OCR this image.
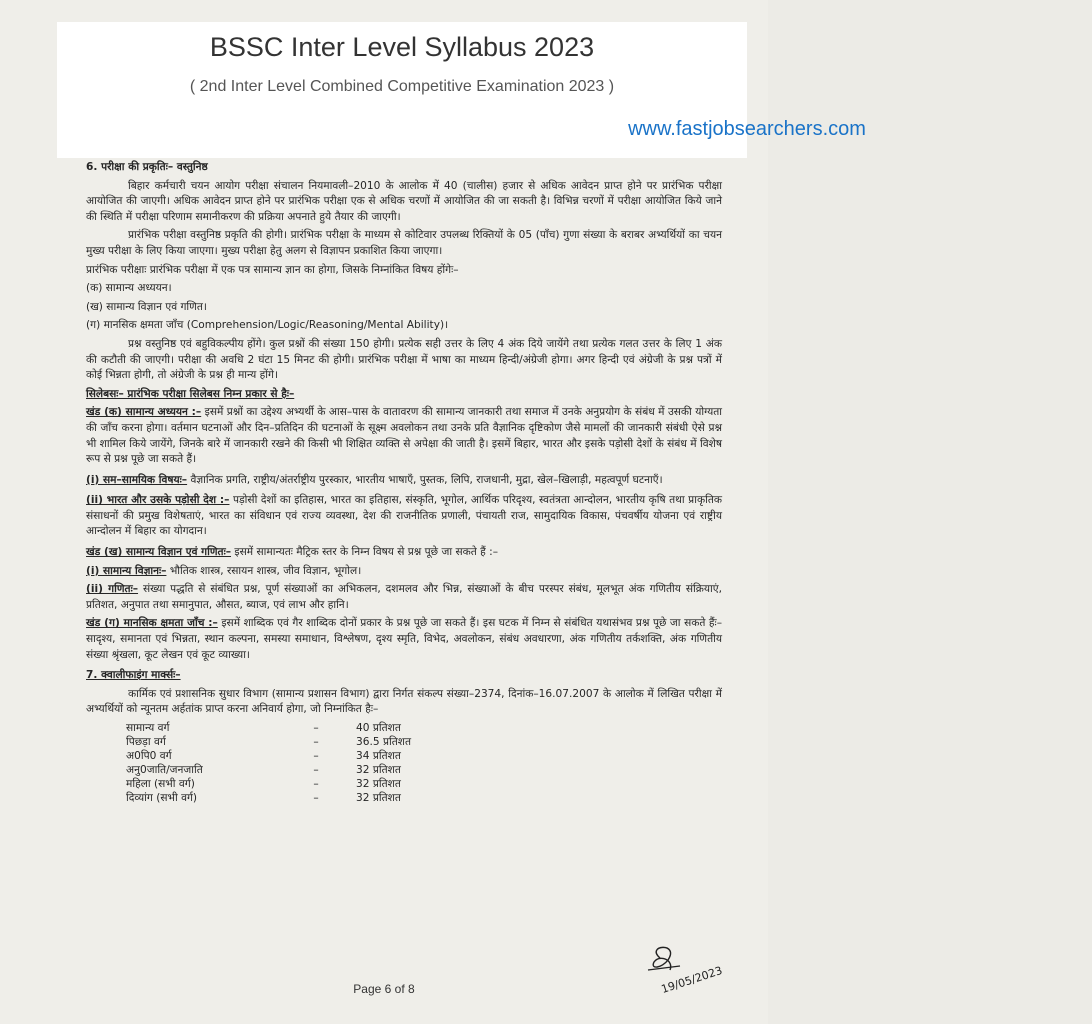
BSSC Inter Level Syllabus 2023
( 2nd Inter Level Combined Competitive Examination 2023 )
www.fastjobsearchers.com

6. परीक्षा की प्रकृतिः– वस्तुनिष्ठ

बिहार कर्मचारी चयन आयोग परीक्षा संचालन नियमावली–2010 के आलोक में 40 (चालीस) हजार से अधिक आवेदन प्राप्त होने पर प्रारंभिक परीक्षा आयोजित की जाएगी। अधिक आवेदन प्राप्त होने पर प्रारंभिक परीक्षा एक से अधिक चरणों में आयोजित की जा सकती है। विभिन्न चरणों में परीक्षा आयोजित किये जाने की स्थिति में परीक्षा परिणाम समानीकरण की प्रक्रिया अपनाते हुये तैयार की जाएगी।

प्रारंभिक परीक्षा वस्तुनिष्ठ प्रकृति की होगी। प्रारंभिक परीक्षा के माध्यम से कोटिवार उपलब्ध रिक्तियों के 05 (पाँच) गुणा संख्या के बराबर अभ्यर्थियों का चयन मुख्य परीक्षा के लिए किया जाएगा। मुख्य परीक्षा हेतु अलग से विज्ञापन प्रकाशित किया जाएगा।

प्रारंभिक परीक्षाः प्रारंभिक परीक्षा में एक पत्र सामान्य ज्ञान का होगा, जिसके निम्नांकित विषय होंगेः–

(क) सामान्य अध्ययन।

(ख) सामान्य विज्ञान एवं गणित।

(ग) मानसिक क्षमता जाँच (Comprehension/Logic/Reasoning/Mental Ability)।

प्रश्न वस्तुनिष्ठ एवं बहुविकल्पीय होंगे। कुल प्रश्नों की संख्या 150 होगी। प्रत्येक सही उत्तर के लिए 4 अंक दिये जायेंगे तथा प्रत्येक गलत उत्तर के लिए 1 अंक की कटौती की जाएगी। परीक्षा की अवधि 2 घंटा 15 मिनट की होगी। प्रारंभिक परीक्षा में भाषा का माध्यम हिन्दी/अंग्रेजी होगा। अगर हिन्दी एवं अंग्रेजी के प्रश्न पत्रों में कोई भिन्नता होगी, तो अंग्रेजी के प्रश्न ही मान्य होंगे।

सिलेबसः– प्रारंभिक परीक्षा सिलेबस निम्न प्रकार से हैः–

खंड (क) सामान्य अध्ययन :– इसमें प्रश्नों का उद्देश्य अभ्यर्थी के आस–पास के वातावरण की सामान्य जानकारी तथा समाज में उनके अनुप्रयोग के संबंध में उसकी योग्यता की जाँच करना होगा। वर्तमान घटनाओं और दिन–प्रतिदिन की घटनाओं के सूक्ष्म अवलोकन तथा उनके प्रति वैज्ञानिक दृष्टिकोण जैसे मामलों की जानकारी संबंधी ऐसे प्रश्न भी शामिल किये जायेंगे, जिनके बारे में जानकारी रखने की किसी भी शिक्षित व्यक्ति से अपेक्षा की जाती है। इसमें बिहार, भारत और इसके पड़ोसी देशों के संबंध में विशेष रूप से प्रश्न पूछे जा सकते हैं।

(i) सम–सामयिक विषयः– वैज्ञानिक प्रगति, राष्ट्रीय/अंतर्राष्ट्रीय पुरस्कार, भारतीय भाषाएँ, पुस्तक, लिपि, राजधानी, मुद्रा, खेल–खिलाड़ी, महत्वपूर्ण घटनाएँ।

(ii) भारत और उसके पड़ोसी देश :– पड़ोसी देशों का इतिहास, भारत का इतिहास, संस्कृति, भूगोल, आर्थिक परिदृश्य, स्वतंत्रता आन्दोलन, भारतीय कृषि तथा प्राकृतिक संसाधनों की प्रमुख विशेषताएं, भारत का संविधान एवं राज्य व्यवस्था, देश की राजनीतिक प्रणाली, पंचायती राज, सामुदायिक विकास, पंचवर्षीय योजना एवं राष्ट्रीय आन्दोलन में बिहार का योगदान।

खंड (ख) सामान्य विज्ञान एवं गणितः– इसमें सामान्यतः मैट्रिक स्तर के निम्न विषय से प्रश्न पूछे जा सकते हैं :–

(i) सामान्य विज्ञानः– भौतिक शास्त्र, रसायन शास्त्र, जीव विज्ञान, भूगोल।

(ii) गणितः– संख्या पद्धति से संबंधित प्रश्न, पूर्ण संख्याओं का अभिकलन, दशमलव और भिन्न, संख्याओं के बीच परस्पर संबंध, मूलभूत अंक गणितीय संक्रियाएं, प्रतिशत, अनुपात तथा समानुपात, औसत, ब्याज, एवं लाभ और हानि।

खंड (ग) मानसिक क्षमता जाँच :– इसमें शाब्दिक एवं गैर शाब्दिक दोनों प्रकार के प्रश्न पूछे जा सकते हैं। इस घटक में निम्न से संबंधित यथासंभव प्रश्न पूछे जा सकते हैंः– सादृश्य, समानता एवं भिन्नता, स्थान कल्पना, समस्या समाधान, विश्लेषण, दृश्य स्मृति, विभेद, अवलोकन, संबंध अवधारणा, अंक गणितीय तर्कशक्ति, अंक गणितीय संख्या श्रृंखला, कूट लेखन एवं कूट व्याख्या।

7. क्वालीफाइंग मार्क्सः–

कार्मिक एवं प्रशासनिक सुधार विभाग (सामान्य प्रशासन विभाग) द्वारा निर्गत संकल्प संख्या–2374, दिनांक–16.07.2007 के आलोक में लिखित परीक्षा में अभ्यर्थियों को न्यूनतम अर्हतांक प्राप्त करना अनिवार्य होगा, जो निम्नांकित हैः–

सामान्य वर्ग	–	40 प्रतिशत
पिछड़ा वर्ग	–	36.5 प्रतिशत
अ0पि0 वर्ग	–	34 प्रतिशत
अनु0जाति/जनजाति	–	32 प्रतिशत
महिला (सभी वर्ग)	–	32 प्रतिशत
दिव्यांग (सभी वर्ग)	–	32 प्रतिशत
19/05/2023
Page 6 of 8
